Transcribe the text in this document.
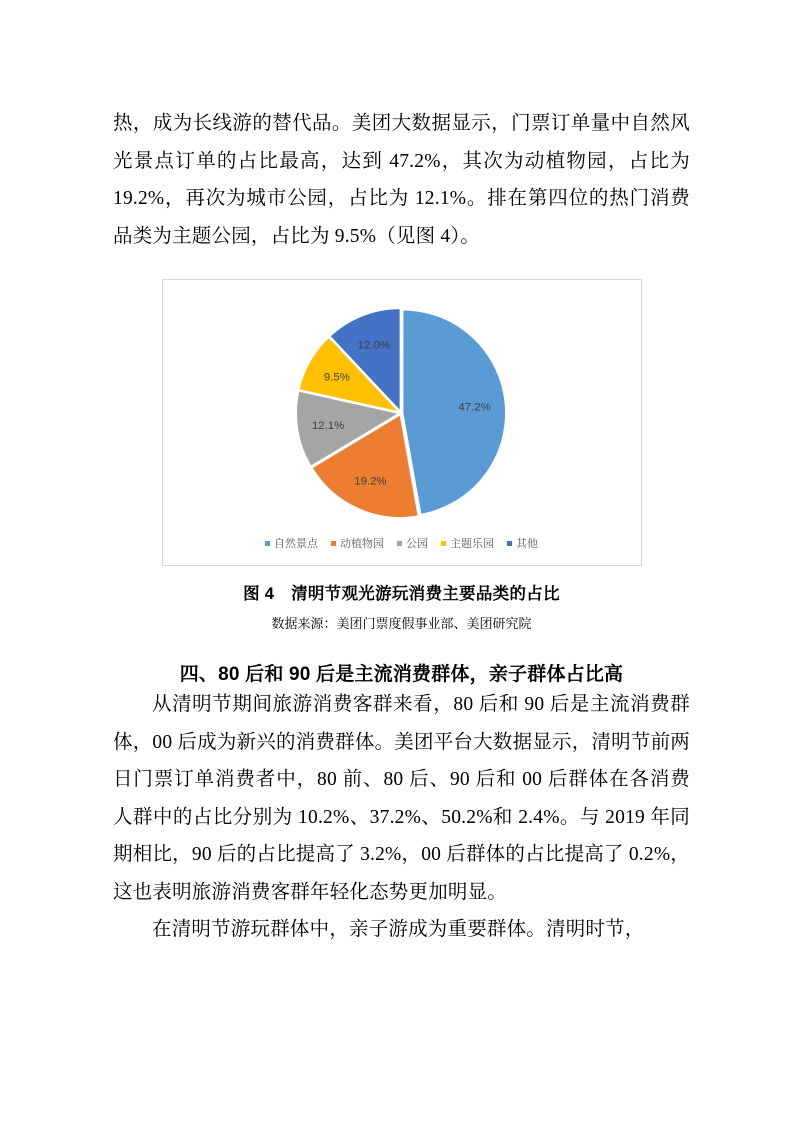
热，成为长线游的替代品。美团大数据显示，门票订单量中自然风光景点订单的占比最高，达到 47.2%，其次为动植物园，占比为 19.2%，再次为城市公园，占比为 12.1%。排在第四位的热门消费品类为主题公园，占比为 9.5%（见图 4）。

47.2%
19.2%
12.1%
9.5%
12.0%
自然景点 动植物园 公园 主题乐园 其他
图 4　清明节观光游玩消费主要品类的占比
数据来源：美团门票度假事业部、美团研究院
四、80 后和 90 后是主流消费群体，亲子群体占比高

从清明节期间旅游消费客群来看，80 后和 90 后是主流消费群体，00 后成为新兴的消费群体。美团平台大数据显示，清明节前两日门票订单消费者中，80 前、80 后、90 后和 00 后群体在各消费人群中的占比分别为 10.2%、37.2%、50.2%和 2.4%。与 2019 年同期相比，90 后的占比提高了 3.2%，00 后群体的占比提高了 0.2%，这也表明旅游消费客群年轻化态势更加明显。

在清明节游玩群体中，亲子游成为重要群体。清明时节，
